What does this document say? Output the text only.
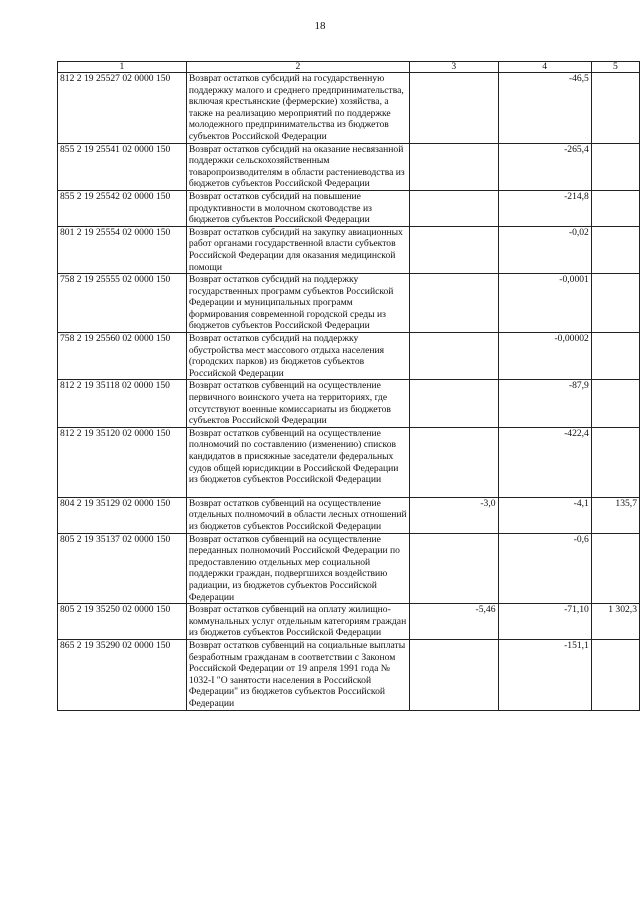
18
1	2	3	4	5
812 2 19 25527 02 0000 150	Возврат остатков субсидий на государственную поддержку малого и среднего предпринимательства, включая крестьянские (фермерские) хозяйства, а также на реализацию мероприятий по поддержке молодежного предпринимательства из бюджетов субъектов Российской Федерации		-46,5	
855 2 19 25541 02 0000 150	Возврат остатков субсидий на оказание несвязанной поддержки сельскохозяйственным товаропроизводителям в области растениеводства из бюджетов субъектов Российской Федерации		-265,4	
855 2 19 25542 02 0000 150	Возврат остатков субсидий на повышение продуктивности в молочном скотоводстве из бюджетов субъектов Российской Федерации		-214,8	
801 2 19 25554 02 0000 150	Возврат остатков субсидий на закупку авиационных работ органами государственной власти субъектов Российской Федерации для оказания медицинской помощи		-0,02	
758 2 19 25555 02 0000 150	Возврат остатков субсидий на поддержку государственных программ субъектов Российской Федерации и муниципальных программ формирования современной городской среды из бюджетов субъектов Российской Федерации		-0,0001	
758 2 19 25560 02 0000 150	Возврат остатков субсидий на поддержку обустройства мест массового отдыха населения (городских парков) из бюджетов субъектов Российской Федерации		-0,00002	
812 2 19 35118 02 0000 150	Возврат остатков субвенций на осуществление первичного воинского учета на территориях, где отсутствуют военные комиссариаты из бюджетов субъектов Российской Федерации		-87,9	
812 2 19 35120 02 0000 150	Возврат остатков субвенций на осуществление полномочий по составлению (изменению) списков кандидатов в присяжные заседатели федеральных судов общей юрисдикции в Российской Федерации из бюджетов субъектов Российской Федерации		-422,4	
804 2 19 35129 02 0000 150	Возврат остатков субвенций на осуществление отдельных полномочий в области лесных отношений из бюджетов субъектов Российской Федерации	-3,0	-4,1	135,7
805 2 19 35137 02 0000 150	Возврат остатков субвенций на осуществление переданных полномочий Российской Федерации по предоставлению отдельных мер социальной поддержки граждан, подвергшихся воздействию радиации, из бюджетов субъектов Российской Федерации		-0,6	
805 2 19 35250 02 0000 150	Возврат остатков субвенций на оплату жилищно-коммунальных услуг отдельным категориям граждан из бюджетов субъектов Российской Федерации	-5,46	-71,10	1 302,3
865 2 19 35290 02 0000 150	Возврат остатков субвенций на социальные выплаты безработным гражданам в соответствии с Законом Российской Федерации от 19 апреля 1991 года № 1032-I "О занятости населения в Российской Федерации" из бюджетов субъектов Российской Федерации		-151,1	
